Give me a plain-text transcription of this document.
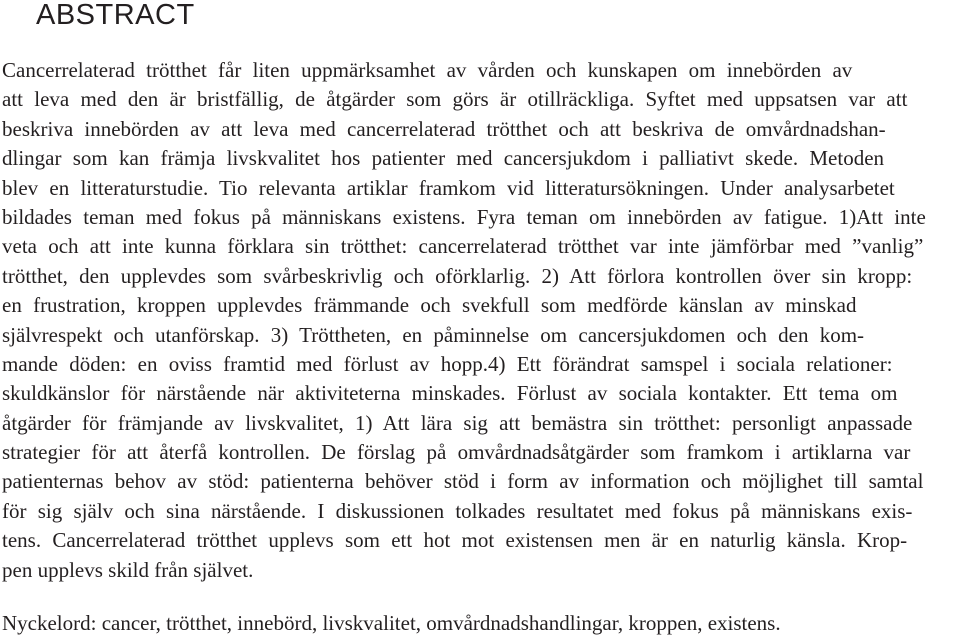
ABSTRACT
Cancerrelaterad trötthet får liten uppmärksamhet av vården och kunskapen om innebörden av
att leva med den är bristfällig, de åtgärder som görs är otillräckliga. Syftet med uppsatsen var att
beskriva innebörden av att leva med cancerrelaterad trötthet och att beskriva de omvårdnadshan-
dlingar som kan främja livskvalitet hos patienter med cancersjukdom i palliativt skede. Metoden
blev en litteraturstudie. Tio relevanta artiklar framkom vid litteratursökningen. Under analysarbetet
bildades teman med fokus på människans existens. Fyra teman om innebörden av fatigue. 1)Att inte
veta och att inte kunna förklara sin trötthet: cancerrelaterad trötthet var inte jämförbar med ”vanlig”
trötthet, den upplevdes som svårbeskrivlig och oförklarlig. 2) Att förlora kontrollen över sin kropp:
en frustration, kroppen upplevdes främmande och svekfull som medförde känslan av minskad
självrespekt och utanförskap. 3) Tröttheten, en påminnelse om cancersjukdomen och den kom-
mande döden: en oviss framtid med förlust av hopp.4) Ett förändrat samspel i sociala relationer:
skuldkänslor för närstående när aktiviteterna minskades. Förlust av sociala kontakter. Ett tema om
åtgärder för främjande av livskvalitet, 1) Att lära sig att bemästra sin trötthet: personligt anpassade
strategier för att återfå kontrollen. De förslag på omvårdnadsåtgärder som framkom i artiklarna var
patienternas behov av stöd: patienterna behöver stöd i form av information och möjlighet till samtal
för sig själv och sina närstående. I diskussionen tolkades resultatet med fokus på människans exis-
tens. Cancerrelaterad trötthet upplevs som ett hot mot existensen men är en naturlig känsla. Krop-
pen upplevs skild från självet.
Nyckelord: cancer, trötthet, innebörd, livskvalitet, omvårdnadshandlingar, kroppen, existens.
